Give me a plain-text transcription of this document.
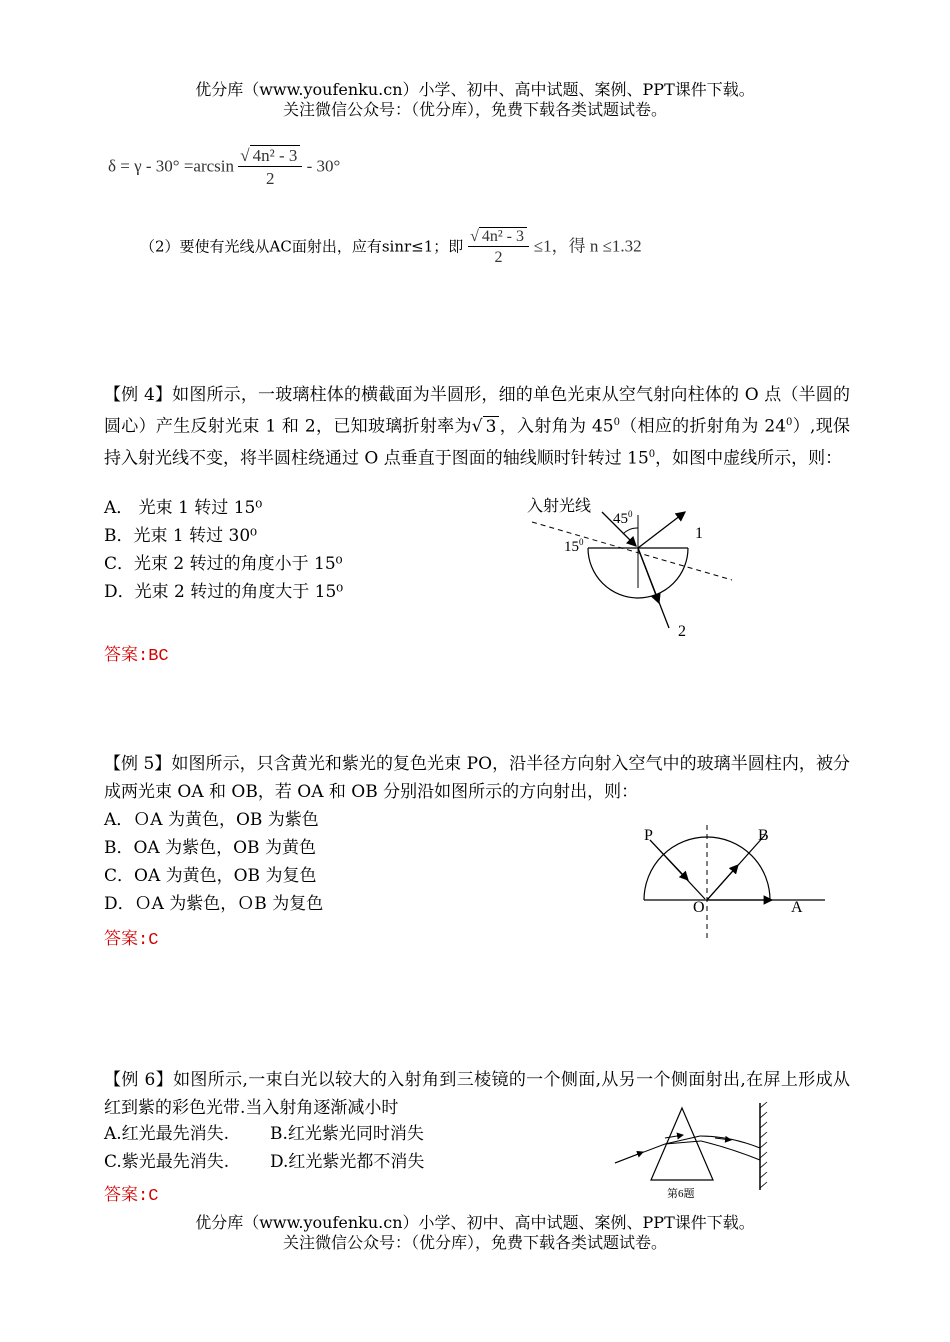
优分库（www.youfenku.cn）小学、初中、高中试题、案例、PPT课件下载。
关注微信公众号：（优分库），免费下载各类试题试卷。
$\delta = \gamma - 30^\circ =\arcsin \frac{\text{√ 4n² - 3}}{2} - 30^\circ$
（2）要使有光线从AC面射出，应有sinr≤1；即 $\frac{\text{√ 4n² - 3}}{2} \le 1$，得 n ≤1.32
【例 4】如图所示，一玻璃柱体的横截面为半圆形，细的单色光束从空气射向柱体的 O 点（半圆的圆心）产生反射光束 1 和 2，已知玻璃折射率为√ 3 ，入射角为 $45^0$（相应的折射角为 $24^0$）,现保持入射光线不变，将半圆柱绕通过 O 点垂直于图面的轴线顺时针转过 $15^0$，如图中虚线所示，则：
A． 光束 1 转过 15⁰
B．光束 1 转过 30⁰
C．光束 2 转过的角度小于 15⁰
D．光束 2 转过的角度大于 15⁰
答案:BC
入射光线
$45^0$
$15^0$	1
2
【例 5】如图所示，只含黄光和紫光的复色光束 PO，沿半径方向射入空气中的玻璃半圆柱内，被分成两光束 OA 和 OB，若 OA 和 OB 分别沿如图所示的方向射出，则：
A．ＯA 为黄色，OB 为紫色
B．OA 为紫色，OB 为黄色
C．OA 为黄色，OB 为复色
D．ＯA 为紫色，ＯB 为复色
答案:C
P	B
O	A
【例 6】如图所示,一束白光以较大的入射角到三棱镜的一个侧面,从另一个侧面射出,在屏上形成从红到紫的彩色光带.当入射角逐渐减小时
A.红光最先消失. B.红光紫光同时消失
C.紫光最先消失. D.红光紫光都不消失
答案:C	第6题
优分库（www.youfenku.cn）小学、初中、高中试题、案例、PPT课件下载。
关注微信公众号：（优分库），免费下载各类试题试卷。
